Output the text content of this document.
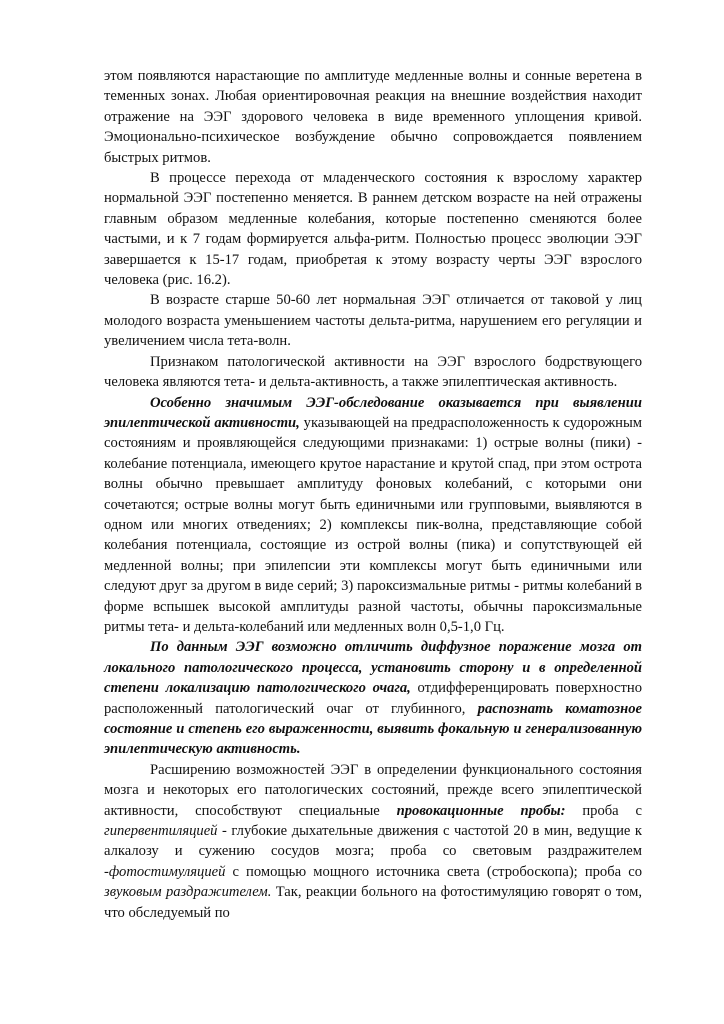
этом появляются нарастающие по амплитуде медленные волны и сонные веретена в теменных зонах. Любая ориентировочная реакция на внешние воздействия находит отражение на ЭЭГ здорового человека в виде временного уплощения кривой. Эмоционально-психическое возбуждение обычно сопровождается появлением быстрых ритмов.

В процессе перехода от младенческого состояния к взрослому характер нормальной ЭЭГ постепенно меняется. В раннем детском возрасте на ней отражены главным образом медленные колебания, которые постепенно сменяются более частыми, и к 7 годам формируется альфа-ритм. Полностью процесс эволюции ЭЭГ завершается к 15-17 годам, приобретая к этому возрасту черты ЭЭГ взрослого человека (рис. 16.2).

В возрасте старше 50-60 лет нормальная ЭЭГ отличается от таковой у лиц молодого возраста уменьшением частоты дельта-ритма, нарушением его регуляции и увеличением числа тета-волн.

Признаком патологической активности на ЭЭГ взрослого бодрствующего человека являются тета- и дельта-активность, а также эпилептическая активность.

Особенно значимым ЭЭГ-обследование оказывается при выявлении эпилептической активности, указывающей на предрасположенность к судорожным состояниям и проявляющейся следующими признаками: 1) острые волны (пики) - колебание потенциала, имеющего крутое нарастание и крутой спад, при этом острота волны обычно превышает амплитуду фоновых колебаний, с которыми они сочетаются; острые волны могут быть единичными или групповыми, выявляются в одном или многих отведениях; 2) комплексы пик-волна, представляющие собой колебания потенциала, состоящие из острой волны (пика) и сопутствующей ей медленной волны; при эпилепсии эти комплексы могут быть единичными или следуют друг за другом в виде серий; 3) пароксизмальные ритмы - ритмы колебаний в форме вспышек высокой амплитуды разной частоты, обычны пароксизмальные ритмы тета- и дельта-колебаний или медленных волн 0,5-1,0 Гц.

По данным ЭЭГ возможно отличить диффузное поражение мозга от локального патологического процесса, установить сторону и в определенной степени локализацию патологического очага, отдифференцировать поверхностно расположенный патологический очаг от глубинного, распознать коматозное состояние и степень его выраженности, выявить фокальную и генерализованную эпилептическую активность.

Расширению возможностей ЭЭГ в определении функционального состояния мозга и некоторых его патологических состояний, прежде всего эпилептической активности, способствуют специальные провокационные пробы: проба с гипервентиляцией - глубокие дыхательные движения с частотой 20 в мин, ведущие к алкалозу и сужению сосудов мозга; проба со световым раздражителем -фотостимуляцией с помощью мощного источника света (стробоскопа); проба со звуковым раздражителем. Так, реакции больного на фотостимуляцию говорят о том, что обследуемый по
